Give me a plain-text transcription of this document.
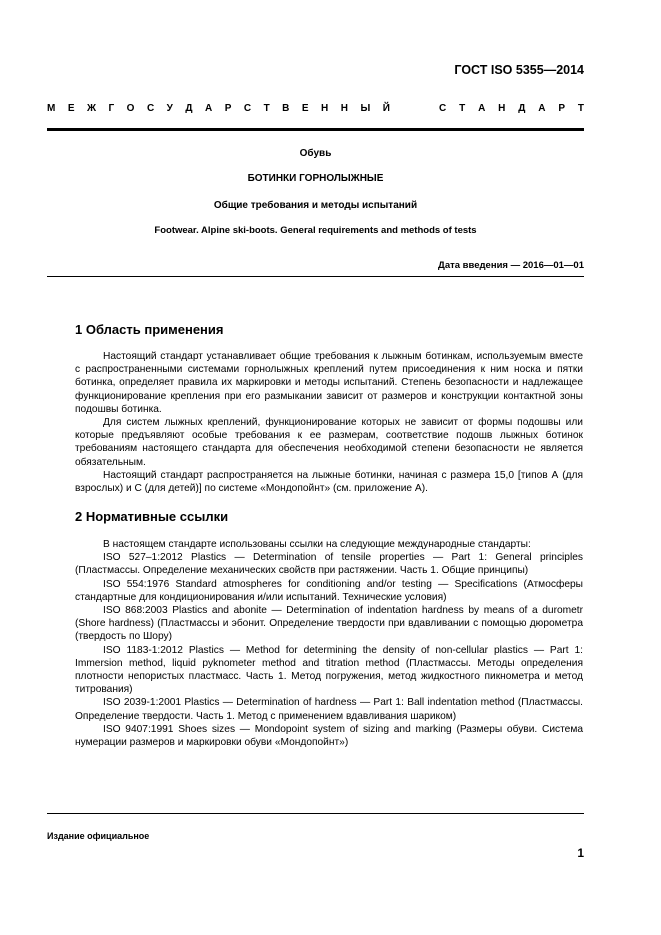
ГОСТ ISO 5355—2014
М Е Ж Г О С У Д А Р С Т В Е Н Н Ы Й	С Т А Н Д А Р Т
Обувь
БОТИНКИ ГОРНОЛЫЖНЫЕ
Общие требования и методы испытаний
Footwear. Alpine ski-boots. General requirements and methods of tests
Дата введения — 2016—01—01
1 Область применения

Настоящий стандарт устанавливает общие требования к лыжным ботинкам, используемым вместе с распространенными системами горнолыжных креплений путем присоединения к ним носка и пятки ботинка, определяет правила их маркировки и методы испытаний. Степень безопасности и надлежащее функционирование крепления при его размыкании зависит от размеров и конструкции контактной зоны подошвы ботинка.

Для систем лыжных креплений, функционирование которых не зависит от формы подошвы или которые предъявляют особые требования к ее размерам, соответствие подошв лыжных ботинок требованиям настоящего стандарта для обеспечения необходимой степени безопасности не является обязательным.

Настоящий стандарт распространяется на лыжные ботинки, начиная с размера 15,0 [типов А (для взрослых) и С (для детей)] по системе «Мондопойнт» (см. приложение А).

2 Нормативные ссылки

В настоящем стандарте использованы ссылки на следующие международные стандарты:

ISO 527–1:2012 Plastics — Determination of tensile properties — Part 1: General principles (Пластмассы. Определение механических свойств при растяжении. Часть 1. Общие принципы)

ISO 554:1976 Standard atmospheres for conditioning and/or testing — Specifications (Атмосферы стандартные для кондиционирования и/или испытаний. Технические условия)

ISO 868:2003 Plastics and abonite — Determination of indentation hardness by means of a durometr (Shore hardness) (Пластмассы и эбонит. Определение твердости при вдавливании с помощью дюрометра (твердость по Шору)

ISO 1183-1:2012 Plastics — Method for determining the density of non-cellular plastics — Part 1: Immersion method, liquid pyknometer method and titration method (Пластмассы. Методы определения плотности непористых пластмасс. Часть 1. Метод погружения, метод жидкостного пикнометра и метод титрования)

ISO 2039-1:2001 Plastics — Determination of hardness — Part 1: Ball indentation method (Пластмассы. Определение твердости. Часть 1. Метод с применением вдавливания шариком)

ISO 9407:1991 Shoes sizes — Mondopoint system of sizing and marking (Размеры обуви. Система нумерации размеров и маркировки обуви «Мондопойнт»)

Издание официальное
1
